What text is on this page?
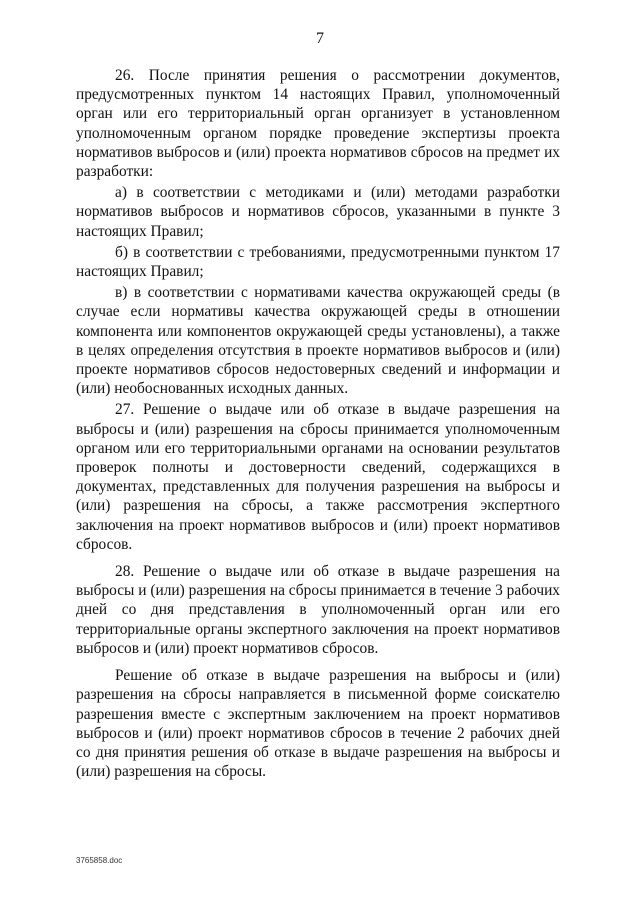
7

26. После принятия решения о рассмотрении документов, предусмотренных пунктом 14 настоящих Правил, уполномоченный орган или его территориальный орган организует в установленном уполномоченным органом порядке проведение экспертизы проекта нормативов выбросов и (или) проекта нормативов сбросов на предмет их разработки:

а) в соответствии с методиками и (или) методами разработки нормативов выбросов и нормативов сбросов, указанными в пункте 3 настоящих Правил;

б) в соответствии с требованиями, предусмотренными пунктом 17 настоящих Правил;

в) в соответствии с нормативами качества окружающей среды (в случае если нормативы качества окружающей среды в отношении компонента или компонентов окружающей среды установлены), а также в целях определения отсутствия в проекте нормативов выбросов и (или) проекте нормативов сбросов недостоверных сведений и информации и (или) необоснованных исходных данных.

27. Решение о выдаче или об отказе в выдаче разрешения на выбросы и (или) разрешения на сбросы принимается уполномоченным органом или его территориальными органами на основании результатов проверок полноты и достоверности сведений, содержащихся в документах, представленных для получения разрешения на выбросы и (или) разрешения на сбросы, а также рассмотрения экспертного заключения на проект нормативов выбросов и (или) проект нормативов сбросов.

28. Решение о выдаче или об отказе в выдаче разрешения на выбросы и (или) разрешения на сбросы принимается в течение 3 рабочих дней со дня представления в уполномоченный орган или его территориальные органы экспертного заключения на проект нормативов выбросов и (или) проект нормативов сбросов.

Решение об отказе в выдаче разрешения на выбросы и (или) разрешения на сбросы направляется в письменной форме соискателю разрешения вместе с экспертным заключением на проект нормативов выбросов и (или) проект нормативов сбросов в течение 2 рабочих дней со дня принятия решения об отказе в выдаче разрешения на выбросы и (или) разрешения на сбросы.

3765858.doc
